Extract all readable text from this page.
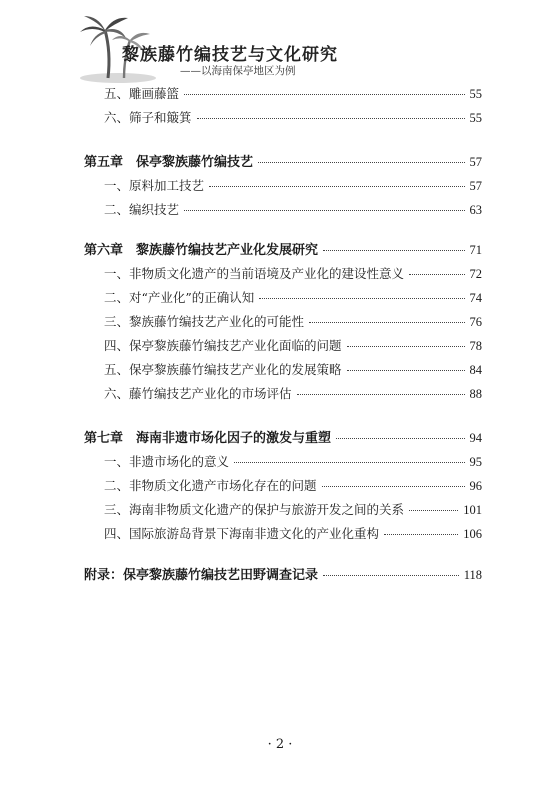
黎族藤竹编技艺与文化研究
——以海南保亭地区为例
五、雕画藤篮	55
六、筛子和簸箕	55
第五章　保亭黎族藤竹编技艺	57
一、原料加工技艺	57
二、编织技艺	63
第六章　黎族藤竹编技艺产业化发展研究	71
一、非物质文化遗产的当前语境及产业化的建设性意义	72
二、对“产业化”的正确认知	74
三、黎族藤竹编技艺产业化的可能性	76
四、保亭黎族藤竹编技艺产业化面临的问题	78
五、保亭黎族藤竹编技艺产业化的发展策略	84
六、藤竹编技艺产业化的市场评估	88
第七章　海南非遗市场化因子的激发与重塑	94
一、非遗市场化的意义	95
二、非物质文化遗产市场化存在的问题	96
三、海南非物质文化遗产的保护与旅游开发之间的关系	101
四、国际旅游岛背景下海南非遗文化的产业化重构	106
附录：保亭黎族藤竹编技艺田野调查记录	118
· 2 ·
